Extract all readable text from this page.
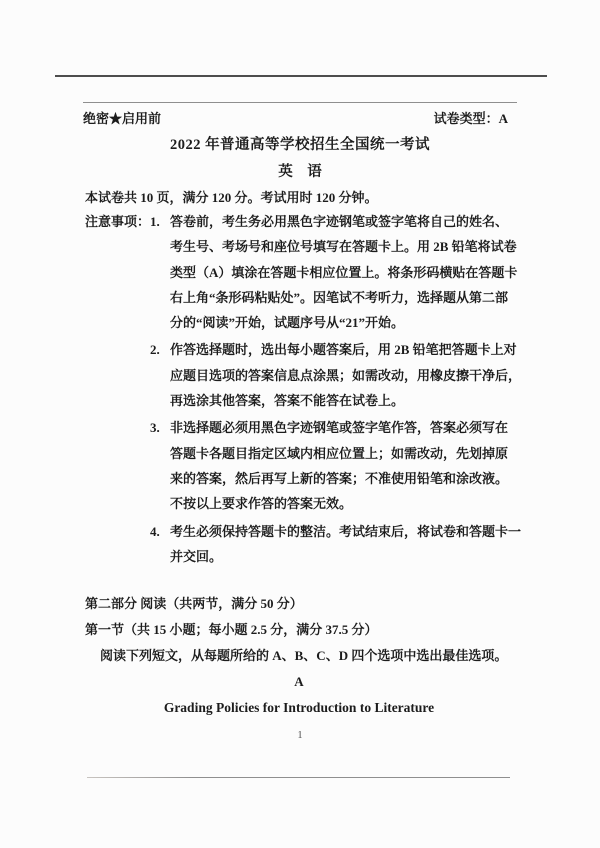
绝密★启用前	试卷类型：A
2022 年普通高等学校招生全国统一考试
英　语
本试卷共 10 页，满分 120 分。考试用时 120 分钟。
注意事项： 1. 答卷前，考生务必用黑色字迹钢笔或签字笔将自己的姓名、
考生号、考场号和座位号填写在答题卡上。用 2B 铅笔将试卷
类型（A）填涂在答题卡相应位置上。将条形码横贴在答题卡
右上角“条形码粘贴处”。因笔试不考听力，选择题从第二部
分的“阅读”开始，试题序号从“21”开始。
2. 作答选择题时，选出每小题答案后，用 2B 铅笔把答题卡上对
应题目选项的答案信息点涂黑；如需改动，用橡皮擦干净后，
再选涂其他答案，答案不能答在试卷上。
3. 非选择题必须用黑色字迹钢笔或签字笔作答，答案必须写在
答题卡各题目指定区域内相应位置上；如需改动，先划掉原
来的答案，然后再写上新的答案；不准使用铅笔和涂改液。
不按以上要求作答的答案无效。
4. 考生必须保持答题卡的整洁。考试结束后，将试卷和答题卡一
并交回。
第二部分 阅读（共两节，满分 50 分）
第一节（共 15 小题；每小题 2.5 分，满分 37.5 分）
阅读下列短文，从每题所给的 A、B、C、D 四个选项中选出最佳选项。
A
Grading Policies for Introduction to Literature
1
